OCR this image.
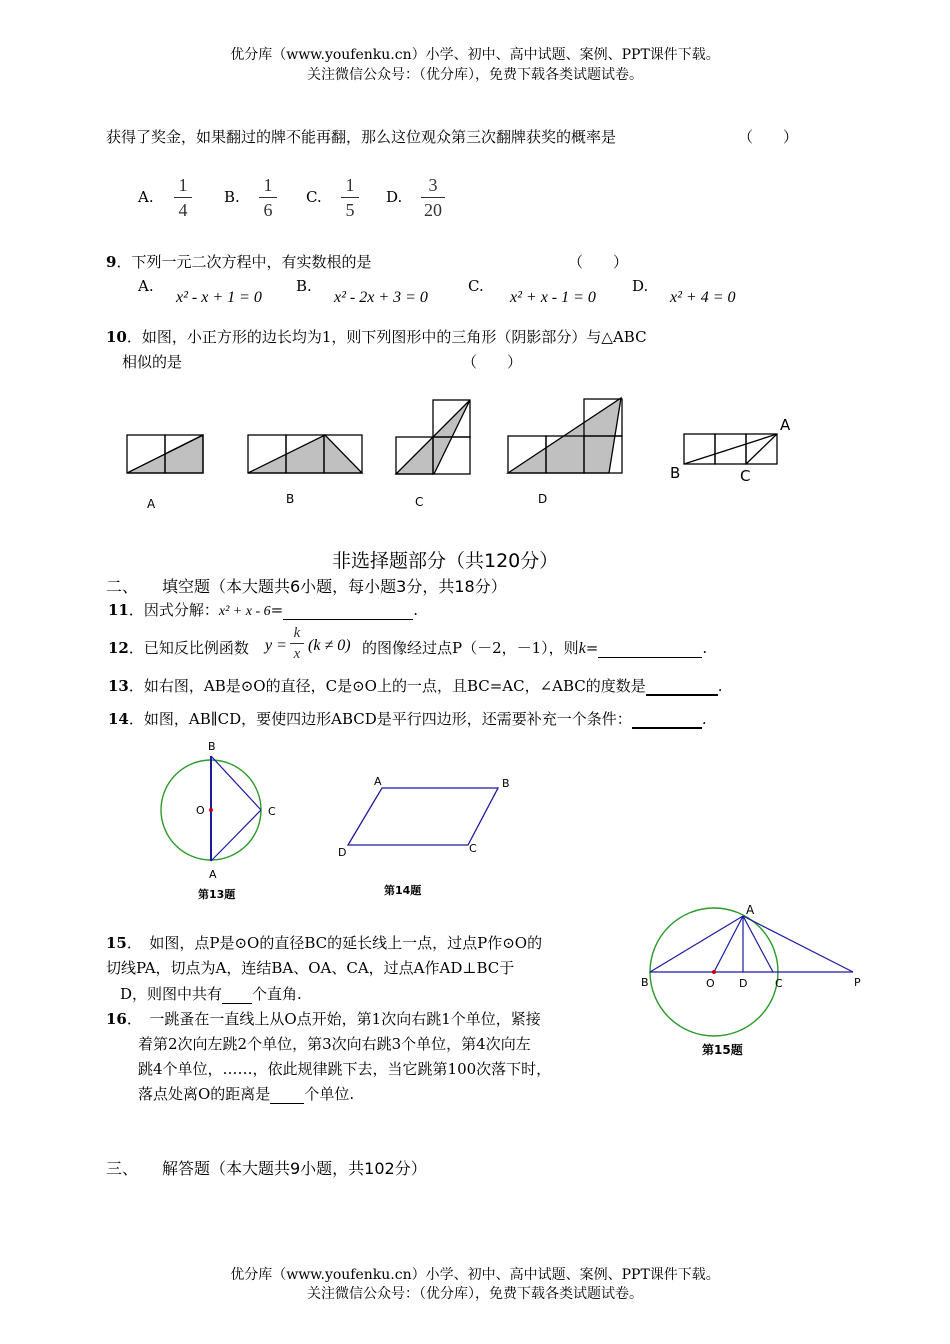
优分库（www.youfenku.cn）小学、初中、高中试题、案例、PPT课件下载。
关注微信公众号：（优分库），免费下载各类试题试卷。
获得了奖金，如果翻过的牌不能再翻，那么这位观众第三次翻牌获奖的概率是	（　　）
A.
1
4
B.
1
6
C.
1
5
D.
3
20
9．下列一元二次方程中，有实数根的是	（　　）
A.
x² - x + 1 = 0
B.
x² - 2x + 3 = 0
C.
x² + x - 1 = 0
D.
x² + 4 = 0
10．如图，小正方形的边长均为1，则下列图形中的三角形（阴影部分）与△ABC
相似的是	（　　）
A	B	C	D
A
B	C
非选择题部分（共120分）
二、　　填空题（本大题共6小题，每小题3分，共18分）
11．因式分解：x² + x - 6=	.
12．已知反比例函数 y =
k
x (k ≠ 0) 的图像经过点P（－2，－1），则k=	.
13．如右图，AB是⊙O的直径，C是⊙O上的一点，且BC=AC，∠ABC的度数是	.
14．如图，AB∥CD，要使四边形ABCD是平行四边形，还需要补充一个条件：	.
B
O	C
A
第13题
A	B
C
D
第14题
15．　如图，点P是⊙O的直径BC的延长线上一点，过点P作⊙O的
切线PA，切点为A，连结BA、OA、CA，过点A作AD⊥BC于
D，则图中共有 个直角.
16．　一跳蚤在一直线上从O点开始，第1次向右跳1个单位，紧接
着第2次向左跳2个单位，第3次向右跳3个单位，第4次向左
跳4个单位，……，依此规律跳下去，当它跳第100次落下时，
落点处离O的距离是 个单位.
A
B	O D	C	P
第15题
三、　　解答题（本大题共9小题，共102分）
优分库（www.youfenku.cn）小学、初中、高中试题、案例、PPT课件下载。
关注微信公众号：（优分库），免费下载各类试题试卷。
